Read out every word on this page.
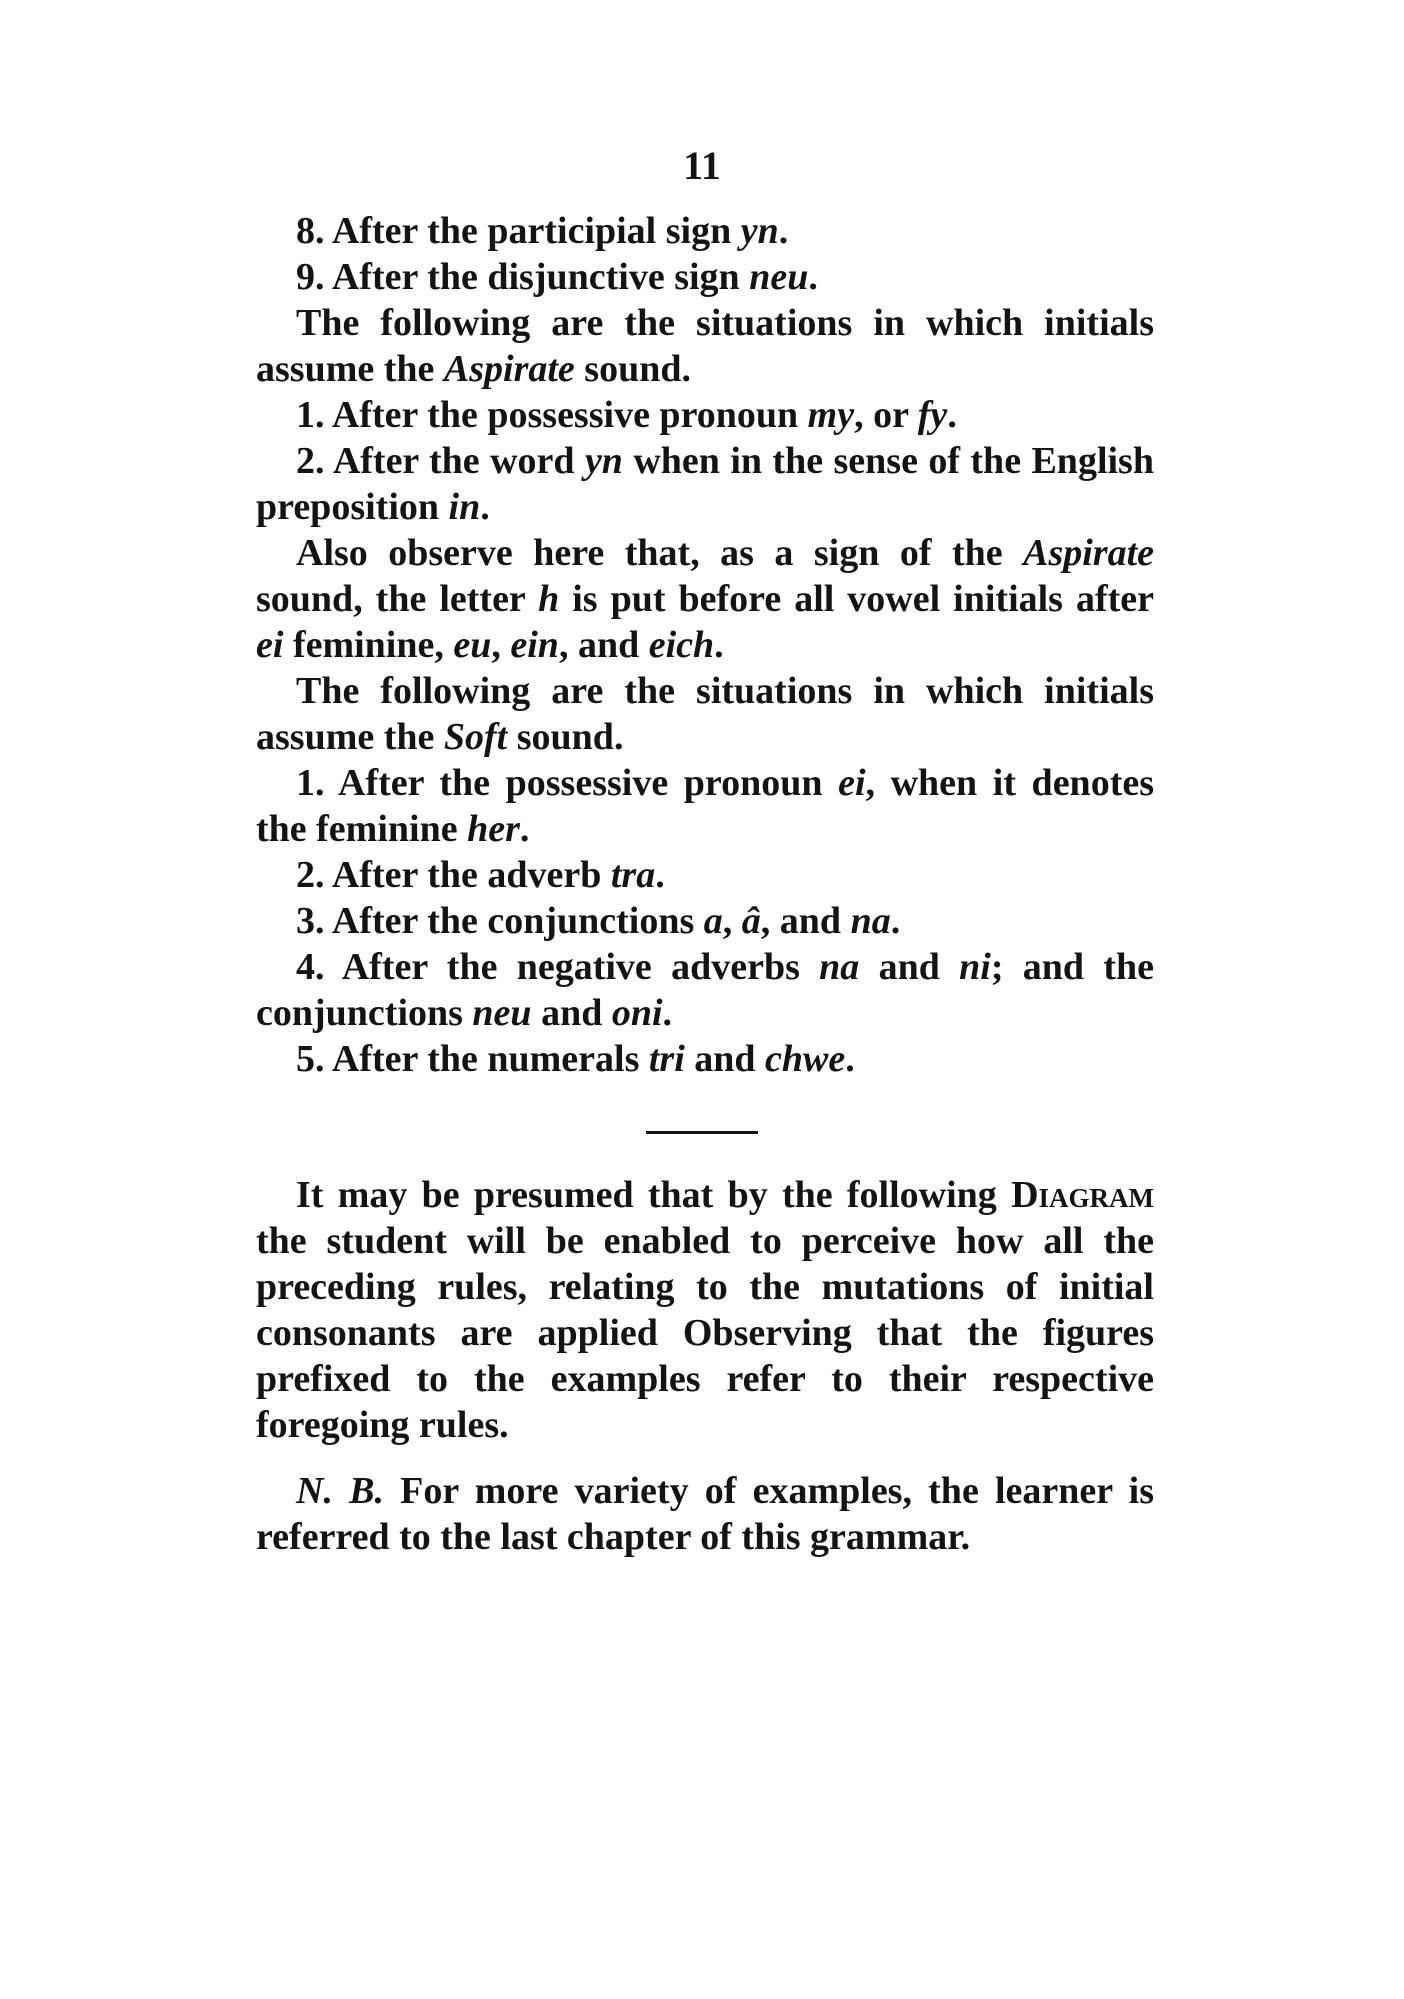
11

8. After the participial sign yn.

9. After the disjunctive sign neu.

The following are the situations in which initials assume the Aspirate sound.

1. After the possessive pronoun my, or fy.

2. After the word yn when in the sense of the English preposition in.

Also observe here that, as a sign of the Aspirate sound, the letter h is put before all vowel initials after ei feminine, eu, ein, and eich.

The following are the situations in which initials assume the Soft sound.

1. After the possessive pronoun ei, when it denotes the feminine her.

2. After the adverb tra.

3. After the conjunctions a, â, and na.

4. After the negative adverbs na and ni; and the conjunctions neu and oni.

5. After the numerals tri and chwe.

It may be presumed that by the following Diagram the student will be enabled to perceive how all the preceding rules, relating to the mutations of initial consonants are applied Observing that the figures prefixed to the examples refer to their respective foregoing rules.

N. B. For more variety of examples, the learner is referred to the last chapter of this grammar.
